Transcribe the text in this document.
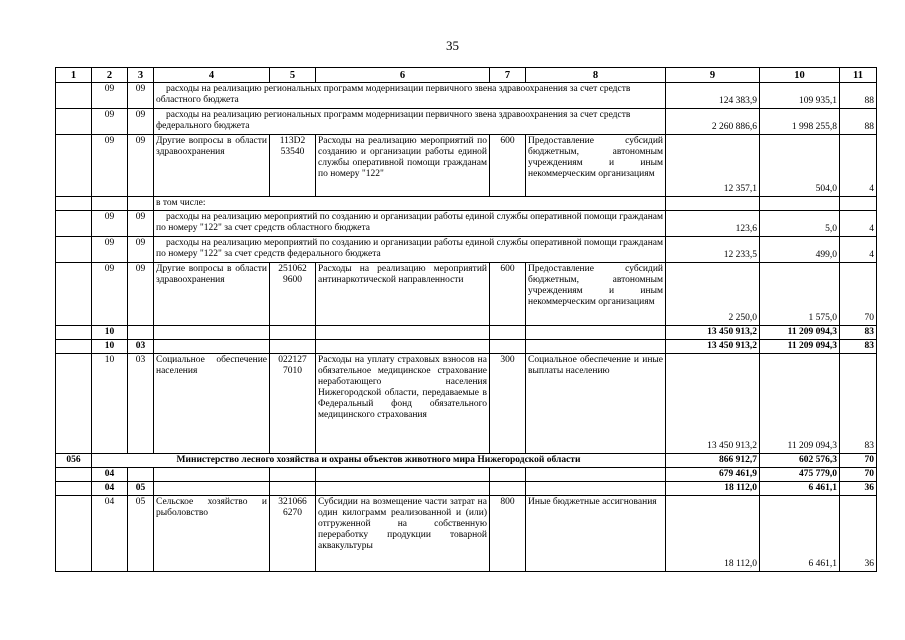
35
1	2	3	4	5	6	7	8	9	10	11
	09	09	расходы на реализацию региональных программ модернизации первичного звена здравоохранения за счет средств областного бюджета					124 383,9	109 935,1	88
	09	09	расходы на реализацию региональных программ модернизации первичного звена здравоохранения за счет средств федерального бюджета					2 260 886,6	1 998 255,8	88
	09	09	Другие вопросы в области здравоохранения	113D2 53540	Расходы на реализацию мероприятий по созданию и организации работы единой службы оперативной помощи гражданам по номеру "122"	600	Предоставление субсидий бюджетным, автономным учреждениям и иным некоммерческим организациям	12 357,1	504,0	4
			в том числе:							
	09	09	расходы на реализацию мероприятий по созданию и организации работы единой службы оперативной помощи гражданам по номеру "122" за счет средств областного бюджета					123,6	5,0	4
	09	09	расходы на реализацию мероприятий по созданию и организации работы единой службы оперативной помощи гражданам по номеру "122" за счет средств федерального бюджета					12 233,5	499,0	4
	09	09	Другие вопросы в области здравоохранения	251062 9600	Расходы на реализацию мероприятий антинаркотической направленности	600	Предоставление субсидий бюджетным, автономным учреждениям и иным некоммерческим организациям	2 250,0	1 575,0	70
	10							13 450 913,2	11 209 094,3	83
	10	03						13 450 913,2	11 209 094,3	83
	10	03	Социальное обеспечение населения	022127 7010	Расходы на уплату страховых взносов на обязательное медицинское страхование неработающего населения Нижегородской области, передаваемые в Федеральный фонд обязательного медицинского страхования	300	Социальное обеспечение и иные выплаты населению	13 450 913,2	11 209 094,3	83
056	Министерство лесного хозяйства и охраны объектов животного мира Нижегородской области							866 912,7	602 576,3	70
	04							679 461,9	475 779,0	70
	04	05						18 112,0	6 461,1	36
	04	05	Сельское хозяйство и рыболовство	321066 6270	Субсидии на возмещение части затрат на один килограмм реализованной и (или) отгруженной на собственную переработку продукции товарной аквакультуры	800	Иные бюджетные ассигнования	18 112,0	6 461,1	36
